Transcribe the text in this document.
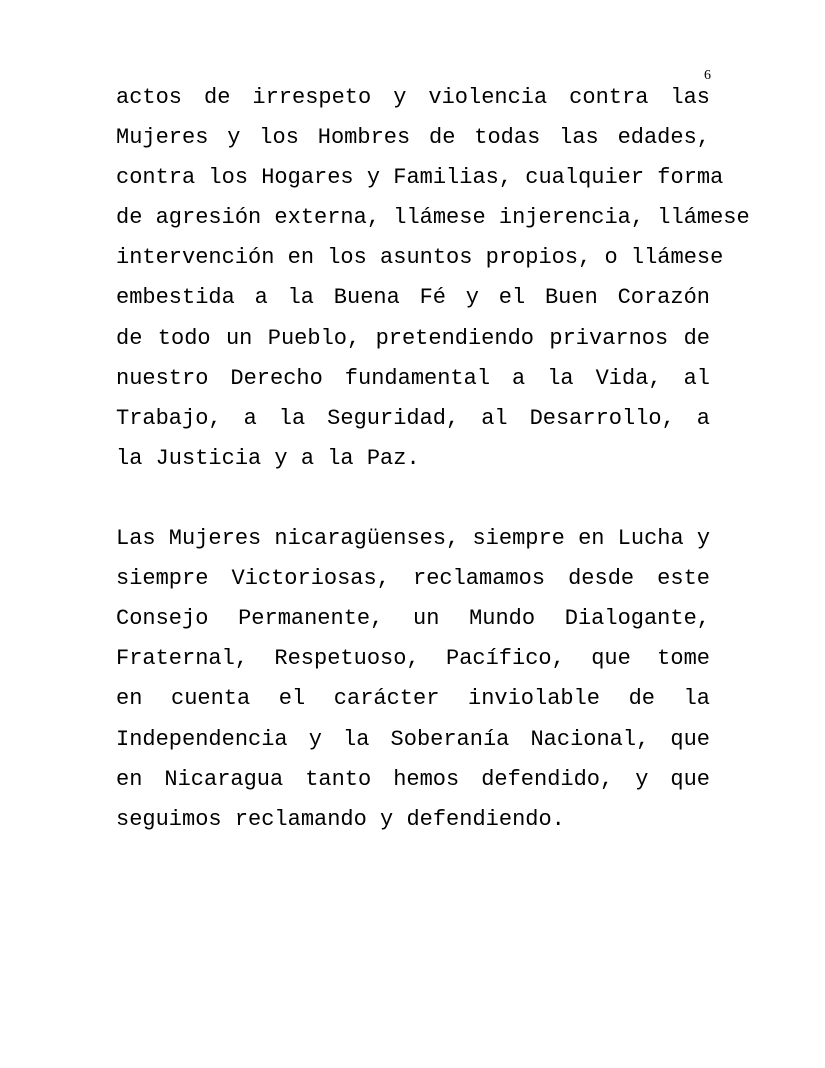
6
actos de irrespeto y violencia contra las
Mujeres y los Hombres de todas las edades,
contra los Hogares y Familias, cualquier forma
de agresión externa, llámese injerencia, llámese
intervención en los asuntos propios, o llámese
embestida a la Buena Fé y el Buen Corazón
de todo un Pueblo, pretendiendo privarnos de
nuestro Derecho fundamental a la Vida, al
Trabajo, a la Seguridad, al Desarrollo, a
la Justicia y a la Paz.
Las Mujeres nicaragüenses, siempre en Lucha y
siempre Victoriosas, reclamamos desde este
Consejo Permanente, un Mundo Dialogante,
Fraternal, Respetuoso, Pacífico, que tome
en cuenta el carácter inviolable de la
Independencia y la Soberanía Nacional, que
en Nicaragua tanto hemos defendido, y que
seguimos reclamando y defendiendo.
